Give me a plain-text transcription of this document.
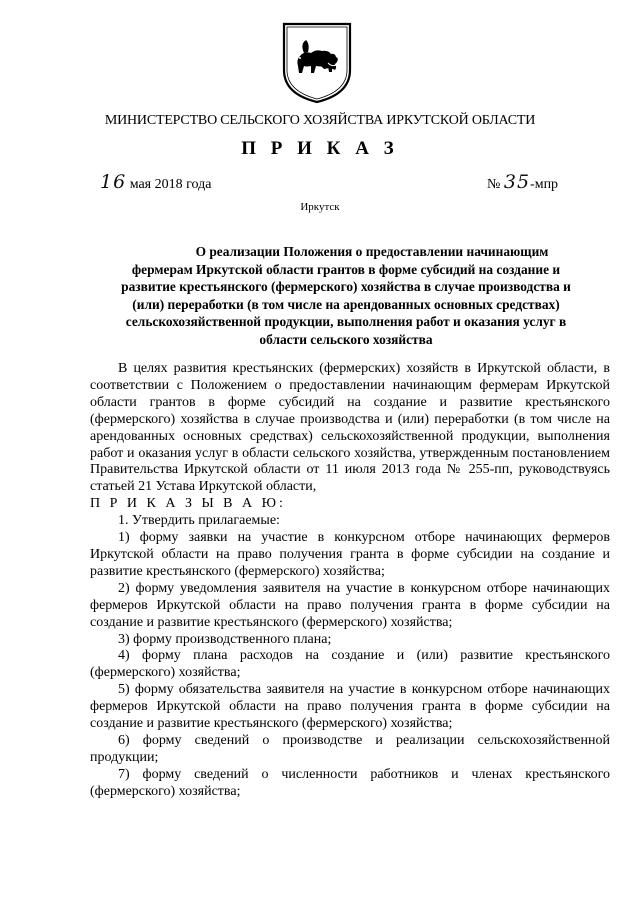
МИНИСТЕРСТВО СЕЛЬСКОГО ХОЗЯЙСТВА ИРКУТСКОЙ ОБЛАСТИ
П Р И К А З
16 мая 2018 года	№ 35-мпр
Иркутск
О реализации Положения о предоставлении начинающим
фермерам Иркутской области грантов в форме субсидий на создание и
развитие крестьянского (фермерского) хозяйства в случае производства и
(или) переработки (в том числе на арендованных основных средствах)
сельскохозяйственной продукции, выполнения работ и оказания услуг в
области сельского хозяйства

В целях развития крестьянских (фермерских) хозяйств в Иркутской области, в соответствии с Положением о предоставлении начинающим фермерам Иркутской области грантов в форме субсидий на создание и развитие крестьянского (фермерского) хозяйства в случае производства и (или) переработки (в том числе на арендованных основных средствах) сельскохозяйственной продукции, выполнения работ и оказания услуг в области сельского хозяйства, утвержденным постановлением Правительства Иркутской области от 11 июля 2013 года № 255-пп, руководствуясь статьей 21 Устава Иркутской области,

П Р И К А З Ы В А Ю:

1. Утвердить прилагаемые:

1) форму заявки на участие в конкурсном отборе начинающих фермеров Иркутской области на право получения гранта в форме субсидии на создание и развитие крестьянского (фермерского) хозяйства;

2) форму уведомления заявителя на участие в конкурсном отборе начинающих фермеров Иркутской области на право получения гранта в форме субсидии на создание и развитие крестьянского (фермерского) хозяйства;

3) форму производственного плана;

4) форму плана расходов на создание и (или) развитие крестьянского (фермерского) хозяйства;

5) форму обязательства заявителя на участие в конкурсном отборе начинающих фермеров Иркутской области на право получения гранта в форме субсидии на создание и развитие крестьянского (фермерского) хозяйства;

6) форму сведений о производстве и реализации сельскохозяйственной продукции;

7) форму сведений о численности работников и членах крестьянского (фермерского) хозяйства;
